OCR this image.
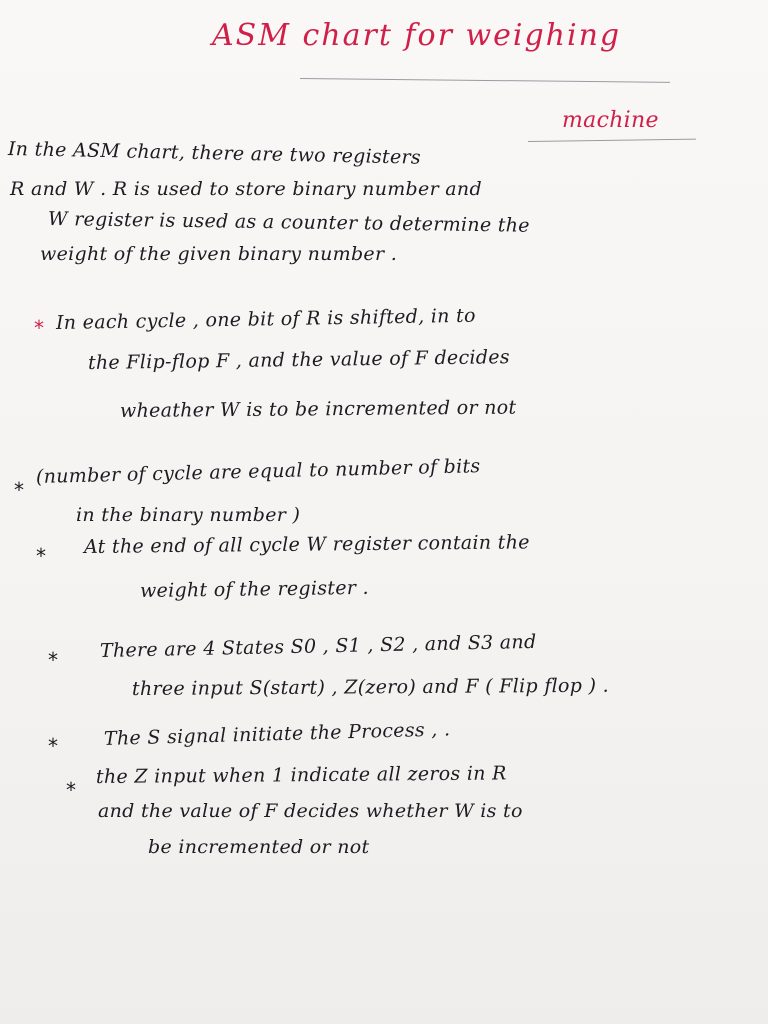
ASM chart for weighing
machine
In the ASM chart, there are two registers
R and W . R is used to store binary number and
W register is used as a counter to determine the
weight of the given binary number .
* In each cycle , one bit of R is shifted, in to
the Flip-flop F , and the value of F decides
wheather W is to be incremented or not
*
(number of cycle are equal to number of bits
in the binary number )
* At the end of all cycle W register contain the
weight of the register .
* There are 4 States S0 , S1 , S2 , and S3 and
three input S(start) , Z(zero) and F ( Flip flop ) .
* The S signal initiate the Process , .
*
the Z input when 1 indicate all zeros in R
and the value of F decides whether W is to
be incremented or not
